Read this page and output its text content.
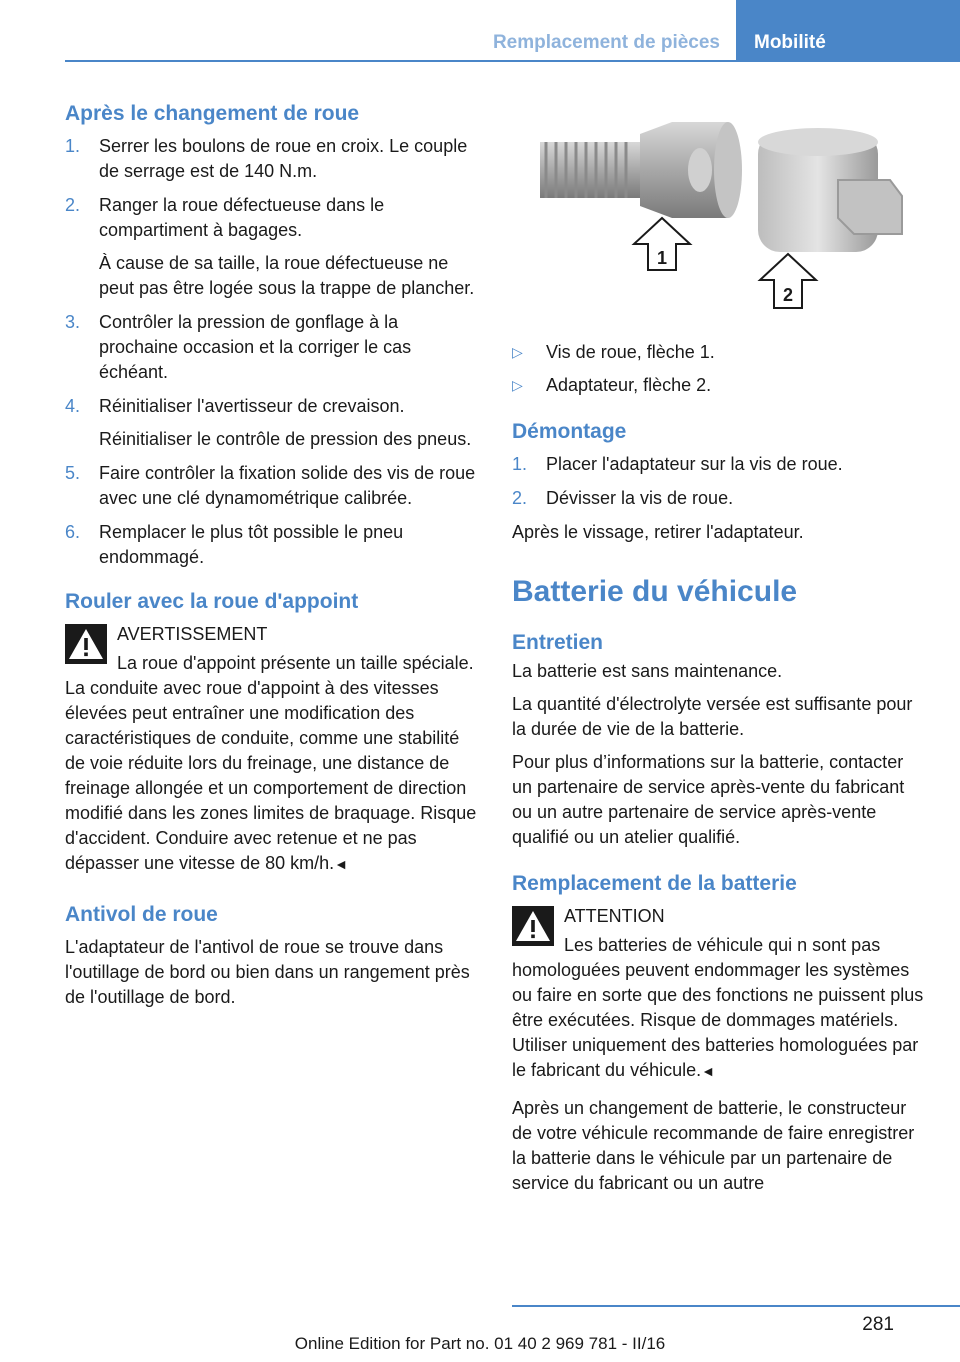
Remplacement de pièces	Mobilité
Après le changement de roue
1. Serrer les boulons de roue en croix. Le couple de serrage est de 140 N.m.
2. Ranger la roue défectueuse dans le compartiment à bagages.
À cause de sa taille, la roue défectueuse ne peut pas être logée sous la trappe de plancher.
3. Contrôler la pression de gonflage à la prochaine occasion et la corriger le cas échéant.
4. Réinitialiser l'avertisseur de crevaison.
Réinitialiser le contrôle de pression des pneus.
5. Faire contrôler la fixation solide des vis de roue avec une clé dynamométrique calibrée.
6. Remplacer le plus tôt possible le pneu endommagé.
Rouler avec la roue d'appoint
AVERTISSEMENT
La roue d'appoint présente un taille spéciale. La conduite avec roue d'appoint à des vitesses élevées peut entraîner une modification des caractéristiques de conduite, comme une stabilité de voie réduite lors du freinage, une distance de freinage allongée et un comportement de direction modifié dans les zones limites de braquage. Risque d'accident. Conduire avec retenue et ne pas dépasser une vitesse de 80 km/h.◄
Antivol de roue
L'adaptateur de l'antivol de roue se trouve dans l'outillage de bord ou bien dans un rangement près de l'outillage de bord.
1
2
▷ Vis de roue, flèche 1.
▷ Adaptateur, flèche 2.
Démontage
1. Placer l'adaptateur sur la vis de roue.
2. Dévisser la vis de roue.
Après le vissage, retirer l'adaptateur.
Batterie du véhicule
Entretien
La batterie est sans maintenance.
La quantité d'électrolyte versée est suffisante pour la durée de vie de la batterie.
Pour plus d’informations sur la batterie, contacter un partenaire de service après-vente du fabricant ou un autre partenaire de service après-vente qualifié ou un atelier qualifié.
Remplacement de la batterie
ATTENTION
Les batteries de véhicule qui n sont pas homologuées peuvent endommager les systèmes ou faire en sorte que des fonctions ne puissent plus être exécutées. Risque de dommages matériels. Utiliser uniquement des batteries homologuées par le fabricant du véhicule.◄
Après un changement de batterie, le constructeur de votre véhicule recommande de faire enregistrer la batterie dans le véhicule par un partenaire de service du fabricant ou un autre
281
Online Edition for Part no. 01 40 2 969 781 - II/16
